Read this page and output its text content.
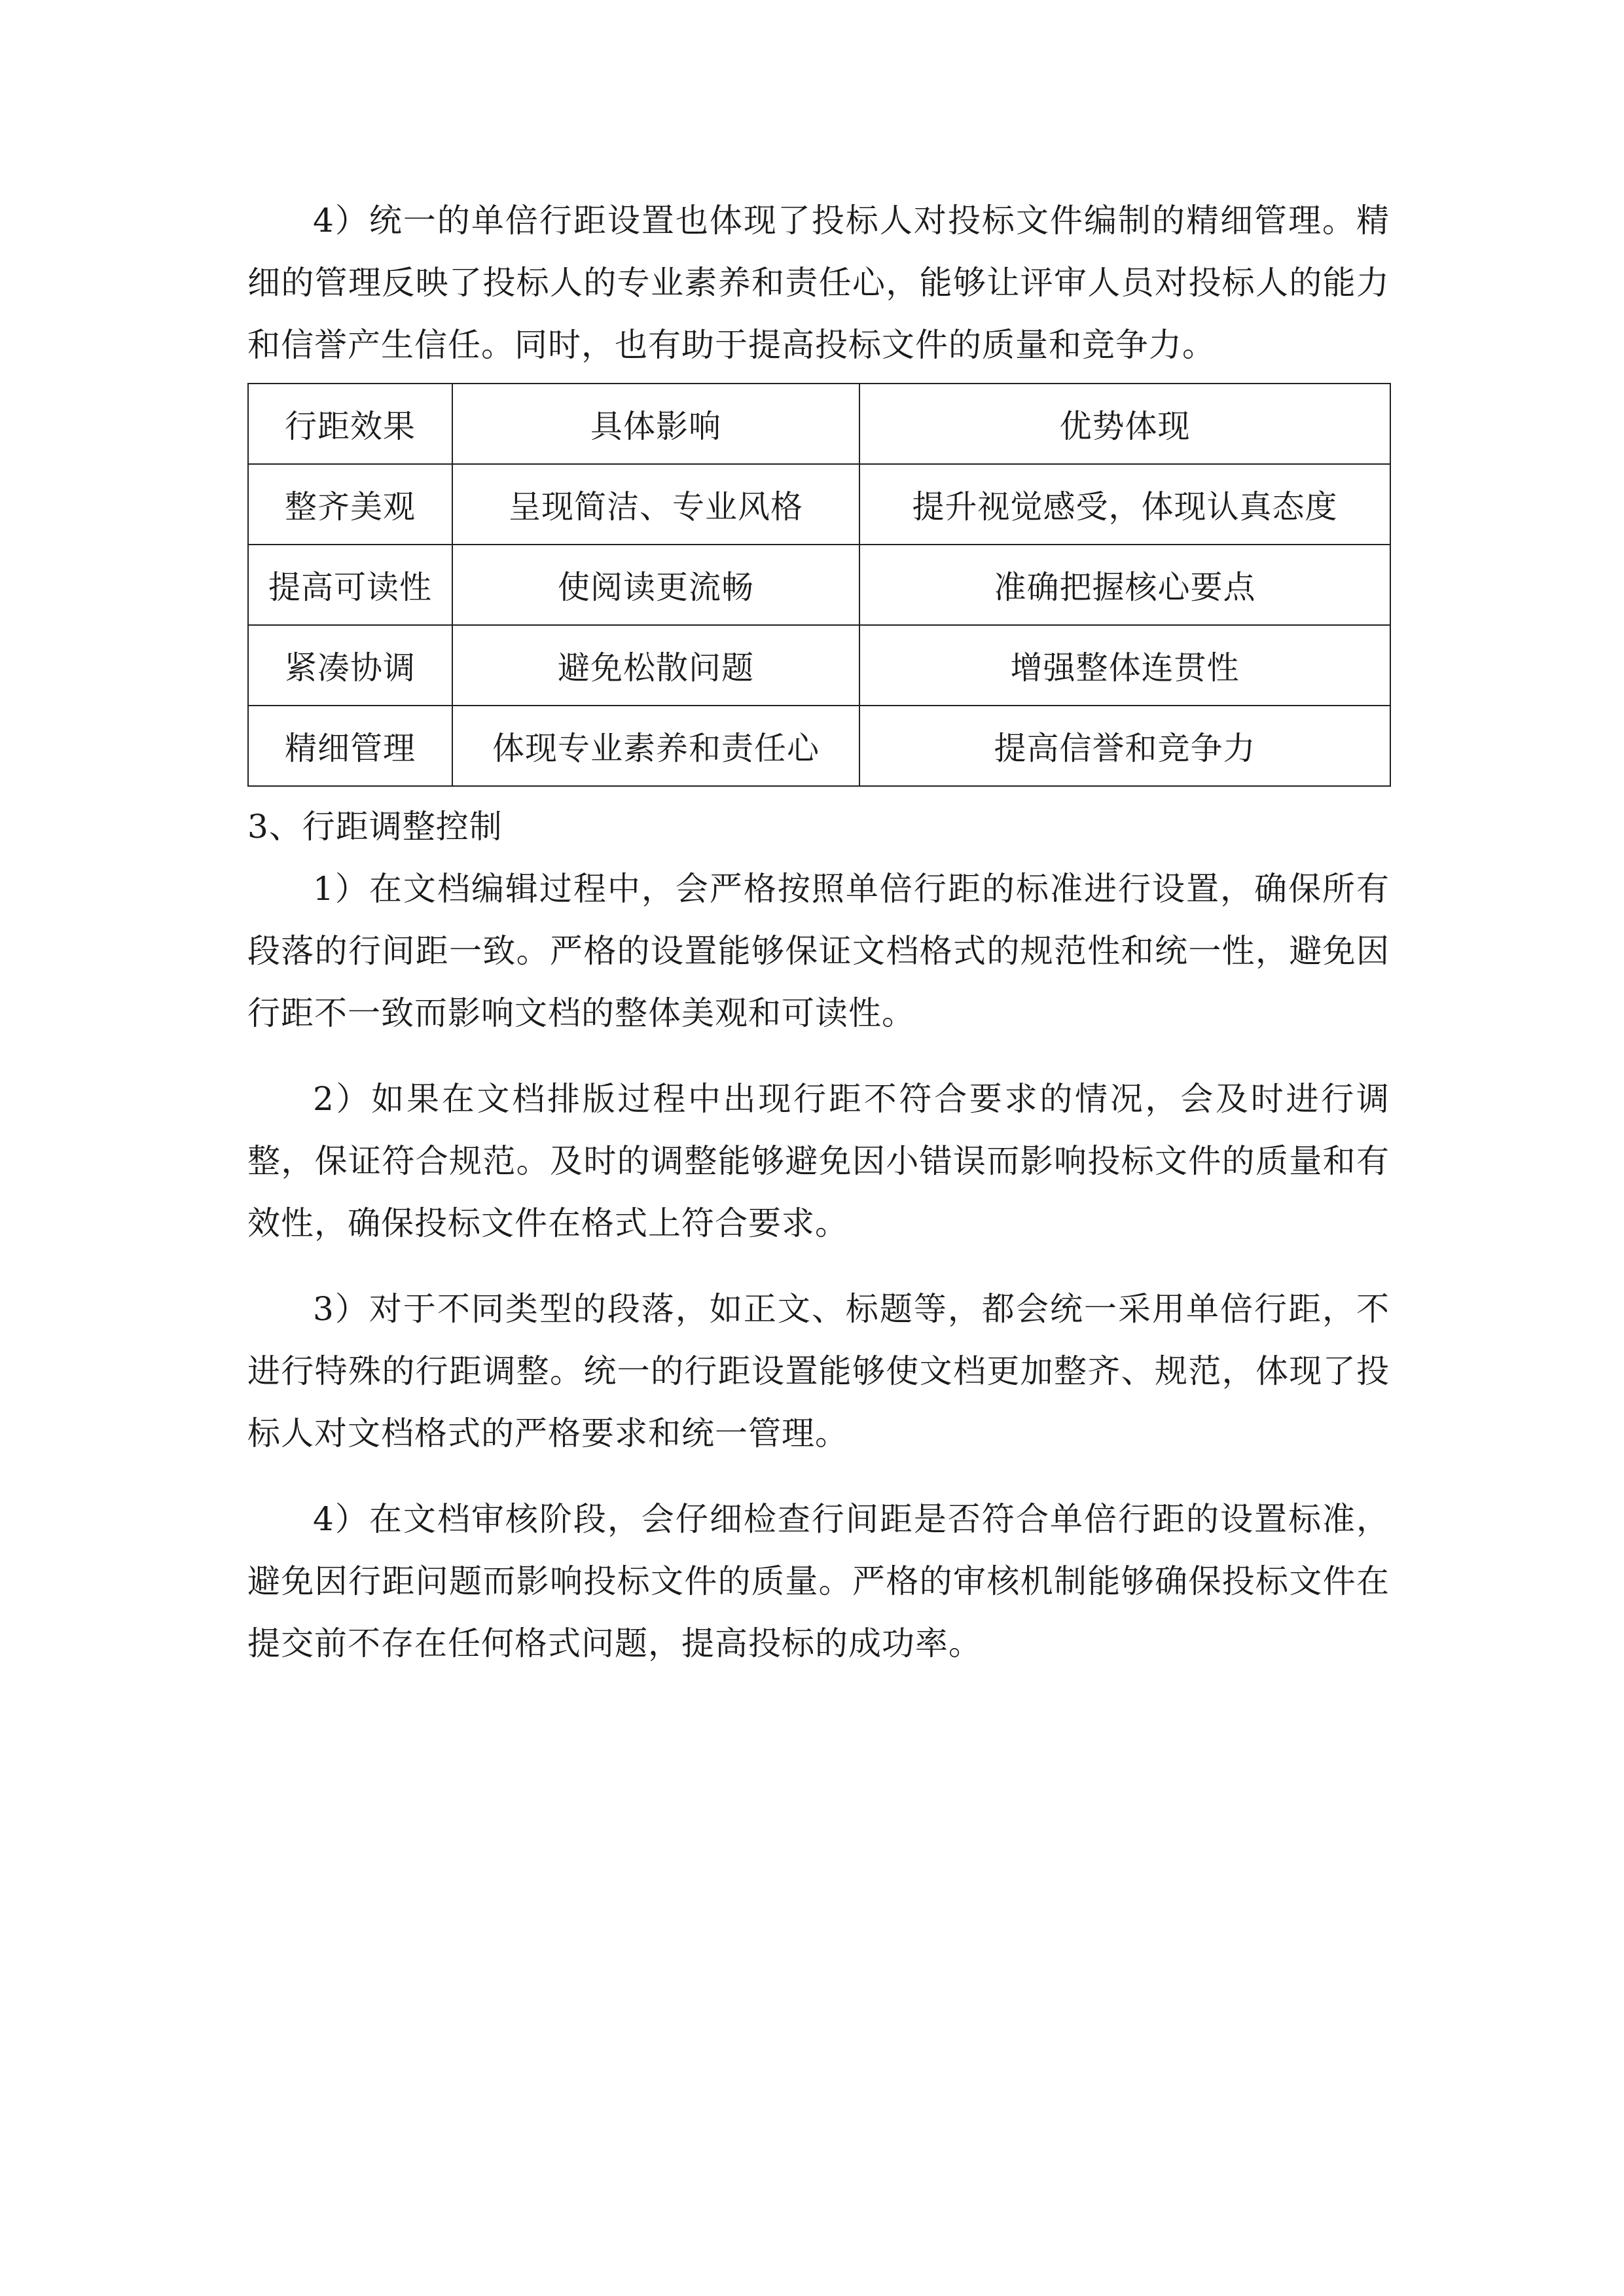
4）统一的单倍行距设置也体现了投标人对投标文件编制的精细管理。精细的管理反映了投标人的专业素养和责任心，能够让评审人员对投标人的能力和信誉产生信任。同时，也有助于提高投标文件的质量和竞争力。

行距效果	具体影响	优势体现
整齐美观	呈现简洁、专业风格	提升视觉感受，体现认真态度
提高可读性	使阅读更流畅	准确把握核心要点
紧凑协调	避免松散问题	增强整体连贯性
精细管理	体现专业素养和责任心	提高信誉和竞争力

3、行距调整控制

1）在文档编辑过程中，会严格按照单倍行距的标准进行设置，确保所有段落的行间距一致。严格的设置能够保证文档格式的规范性和统一性，避免因行距不一致而影响文档的整体美观和可读性。

2）如果在文档排版过程中出现行距不符合要求的情况，会及时进行调整，保证符合规范。及时的调整能够避免因小错误而影响投标文件的质量和有效性，确保投标文件在格式上符合要求。

3）对于不同类型的段落，如正文、标题等，都会统一采用单倍行距，不进行特殊的行距调整。统一的行距设置能够使文档更加整齐、规范，体现了投标人对文档格式的严格要求和统一管理。

4）在文档审核阶段，会仔细检查行间距是否符合单倍行距的设置标准，避免因行距问题而影响投标文件的质量。严格的审核机制能够确保投标文件在提交前不存在任何格式问题，提高投标的成功率。
